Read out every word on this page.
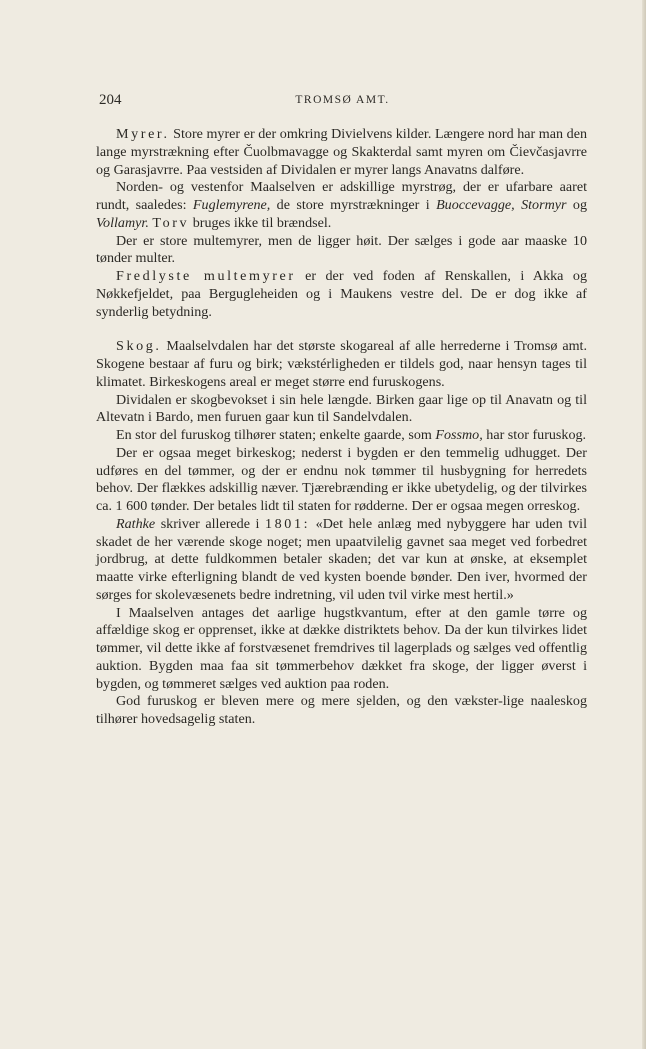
204	TROMSØ AMT.

Myrer. Store myrer er der omkring Divielvens kilder. Længere nord har man den lange myrstrækning efter Čuolbmavagge og Skakterdal samt myren om Čievčasjavrre og Garasjavrre. Paa vestsiden af Dividalen er myrer langs Anavatns dalføre.

Norden- og vestenfor Maalselven er adskillige myrstrøg, der er ufarbare aaret rundt, saaledes: Fuglemyrene, de store myrstrækninger i Buoccevagge, Stormyr og Vollamyr. Torv bruges ikke til brændsel.

Der er store multemyrer, men de ligger høit. Der sælges i gode aar maaske 10 tønder multer.

Fredlyste multemyrer er der ved foden af Renskallen, i Akka og Nøkkefjeldet, paa Bergugleheiden og i Maukens vestre del. De er dog ikke af synderlig betydning.

Skog. Maalselvdalen har det største skogareal af alle herrederne i Tromsø amt. Skogene bestaar af furu og birk; vækstérligheden er tildels god, naar hensyn tages til klimatet. Birkeskogens areal er meget større end furuskogens.

Dividalen er skogbevokset i sin hele længde. Birken gaar lige op til Anavatn og til Altevatn i Bardo, men furuen gaar kun til Sandelvdalen.

En stor del furuskog tilhører staten; enkelte gaarde, som Fossmo, har stor furuskog.

Der er ogsaa meget birkeskog; nederst i bygden er den temmelig udhugget. Der udføres en del tømmer, og der er endnu nok tømmer til husbygning for herredets behov. Der flækkes adskillig næver. Tjærebrænding er ikke ubetydelig, og der tilvirkes ca. 1 600 tønder. Der betales lidt til staten for rødderne. Der er ogsaa megen orreskog.

Rathke skriver allerede i 1801: «Det hele anlæg med nybyggere har uden tvil skadet de her værende skoge noget; men upaatvilelig gavnet saa meget ved forbedret jordbrug, at dette fuldkommen betaler skaden; det var kun at ønske, at eksemplet maatte virke efterligning blandt de ved kysten boende bønder. Den iver, hvormed der sørges for skolevæsenets bedre indretning, vil uden tvil virke mest hertil.»

I Maalselven antages det aarlige hugstkvantum, efter at den gamle tørre og affældige skog er opprenset, ikke at dække distriktets behov. Da der kun tilvirkes lidet tømmer, vil dette ikke af forstvæsenet fremdrives til lagerplads og sælges ved offentlig auktion. Bygden maa faa sit tømmerbehov dækket fra skoge, der ligger øverst i bygden, og tømmeret sælges ved auktion paa roden.

God furuskog er bleven mere og mere sjelden, og den vækster-lige naaleskog tilhører hovedsagelig staten.
